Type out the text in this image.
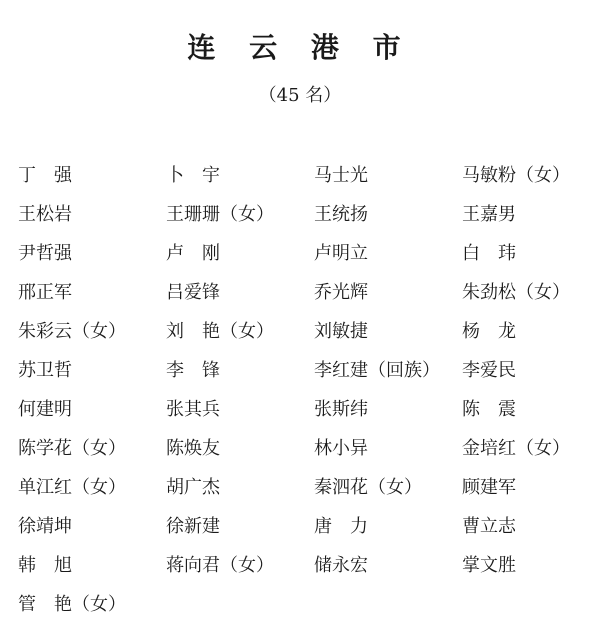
连 云 港 市
（45 名）
丁　强	卜　宇	马士光	马敏粉（女）
王松岩	王珊珊（女）	王统扬	王嘉男
尹哲强	卢　刚	卢明立	白　玮
邢正军	吕爱锋	乔光辉	朱劲松（女）
朱彩云（女）	刘　艳（女）	刘敏捷	杨　龙
苏卫哲	李　锋	李红建（回族）	李爱民
何建明	张其兵	张斯纬	陈　震
陈学花（女）	陈焕友	林小异	金培红（女）
单江红（女）	胡广杰	秦泗花（女）	顾建军
徐靖坤	徐新建	唐　力	曹立志
韩　旭	蒋向君（女）	储永宏	掌文胜
管　艳（女）
